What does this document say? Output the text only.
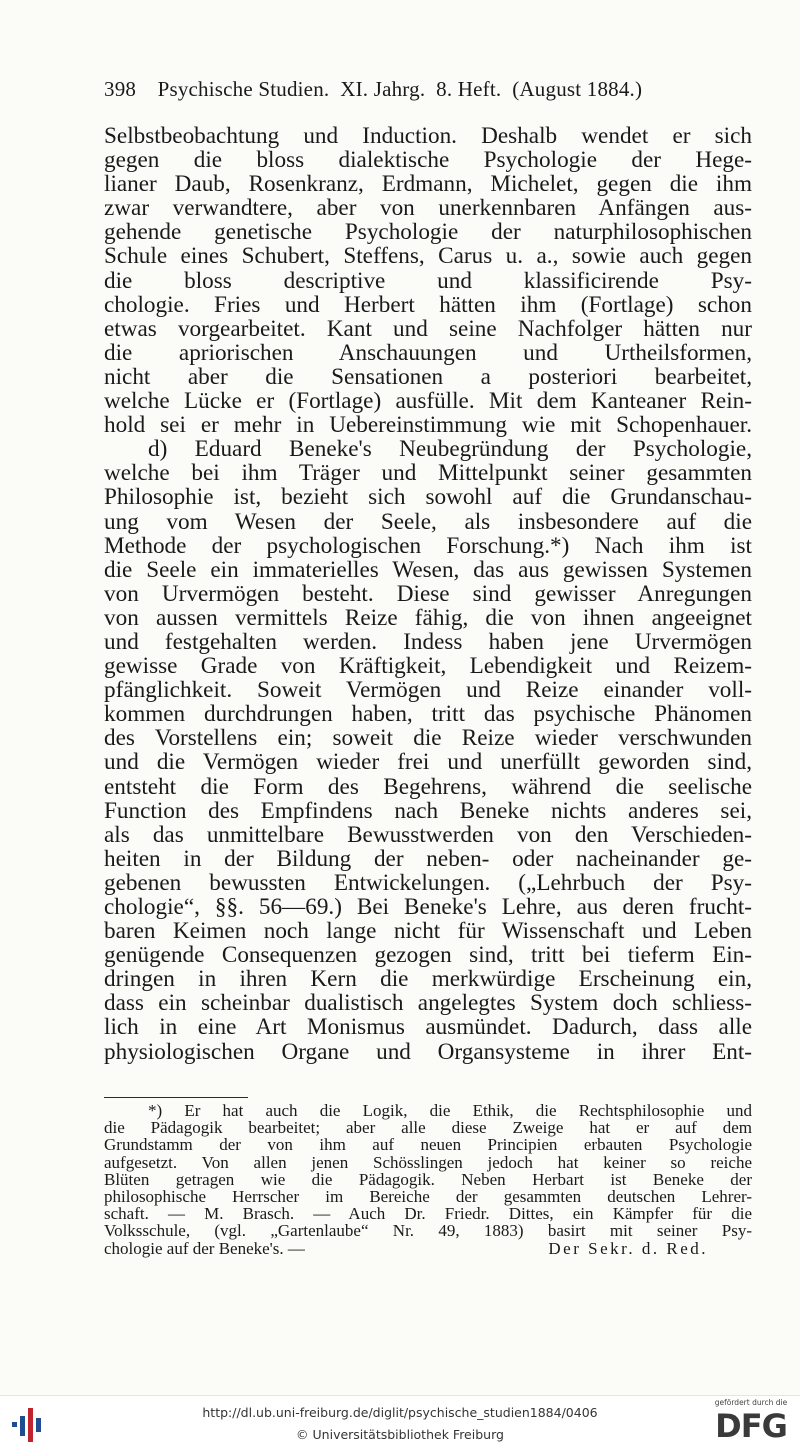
398 Psychische Studien.  XI. Jahrg.  8. Heft.  (August 1884.)
Selbstbeobachtung und Induction. Deshalb wendet er sich
gegen die bloss dialektische Psychologie der Hege-
lianer Daub, Rosenkranz, Erdmann, Michelet, gegen die ihm
zwar verwandtere, aber von unerkennbaren Anfängen aus-
gehende genetische Psychologie der naturphilosophischen
Schule eines Schubert, Steffens, Carus u. a., sowie auch gegen
die bloss descriptive und klassificirende Psy-
chologie. Fries und Herbert hätten ihm (Fortlage) schon
etwas vorgearbeitet. Kant und seine Nachfolger hätten nur
die apriorischen Anschauungen und Urtheilsformen,
nicht aber die Sensationen a posteriori bearbeitet,
welche Lücke er (Fortlage) ausfülle. Mit dem Kanteaner Rein-
hold sei er mehr in Uebereinstimmung wie mit Schopenhauer.
d) Eduard Beneke's Neubegründung der Psychologie,
welche bei ihm Träger und Mittelpunkt seiner gesammten
Philosophie ist, bezieht sich sowohl auf die Grundanschau-
ung vom Wesen der Seele, als insbesondere auf die
Methode der psychologischen Forschung.*) Nach ihm ist
die Seele ein immaterielles Wesen, das aus gewissen Systemen
von Urvermögen besteht. Diese sind gewisser Anregungen
von aussen vermittels Reize fähig, die von ihnen angeeignet
und festgehalten werden. Indess haben jene Urvermögen
gewisse Grade von Kräftigkeit, Lebendigkeit und Reizem-
pfänglichkeit. Soweit Vermögen und Reize einander voll-
kommen durchdrungen haben, tritt das psychische Phänomen
des Vorstellens ein; soweit die Reize wieder verschwunden
und die Vermögen wieder frei und unerfüllt geworden sind,
entsteht die Form des Begehrens, während die seelische
Function des Empfindens nach Beneke nichts anderes sei,
als das unmittelbare Bewusstwerden von den Verschieden-
heiten in der Bildung der neben- oder nacheinander ge-
gebenen bewussten Entwickelungen. („Lehrbuch der Psy-
chologie“, §§. 56—69.) Bei Beneke's Lehre, aus deren frucht-
baren Keimen noch lange nicht für Wissenschaft und Leben
genügende Consequenzen gezogen sind, tritt bei tieferm Ein-
dringen in ihren Kern die merkwürdige Erscheinung ein,
dass ein scheinbar dualistisch angelegtes System doch schliess-
lich in eine Art Monismus ausmündet. Dadurch, dass alle
physiologischen Organe und Organsysteme in ihrer Ent-
*) Er hat auch die Logik, die Ethik, die Rechtsphilosophie und
die Pädagogik bearbeitet; aber alle diese Zweige hat er auf dem
Grundstamm der von ihm auf neuen Principien erbauten Psychologie
aufgesetzt. Von allen jenen Schösslingen jedoch hat keiner so reiche
Blüten getragen wie die Pädagogik. Neben Herbart ist Beneke der
philosophische Herrscher im Bereiche der gesammten deutschen Lehrer-
schaft. — M. Brasch. — Auch Dr. Friedr. Dittes, ein Kämpfer für die
Volksschule, (vgl. „Gartenlaube“ Nr. 49, 1883) basirt mit seiner Psy-
chologie auf der Beneke's. —	Der Sekr. d. Red.
http://dl.ub.uni-freiburg.de/diglit/psychische_studien1884/0406
© Universitätsbibliothek Freiburg
gefördert durch die
DFG
